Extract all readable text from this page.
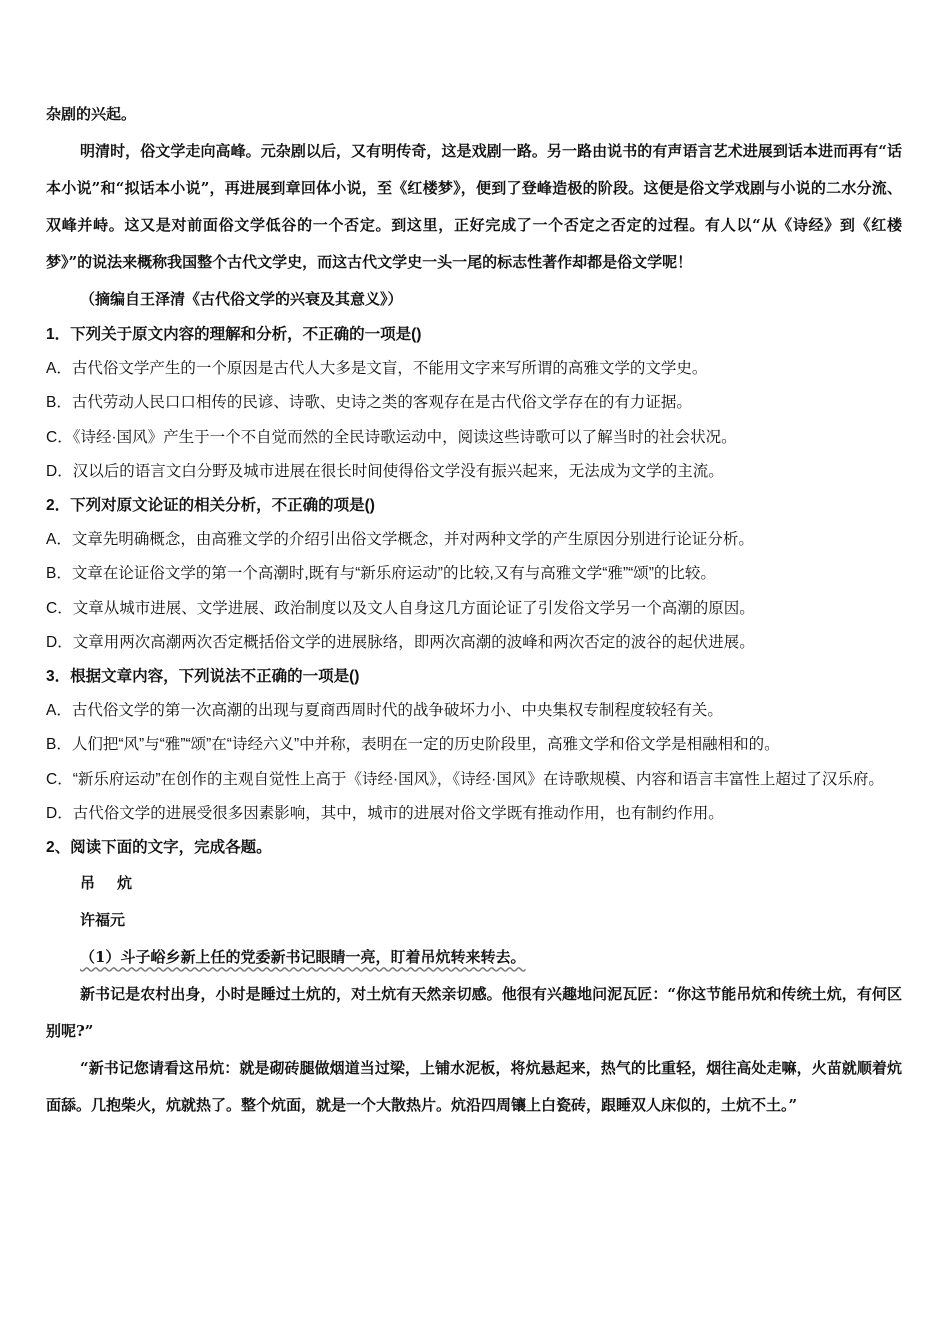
杂剧的兴起。

明清时，俗文学走向高峰。元杂剧以后，又有明传奇，这是戏剧一路。另一路由说书的有声语言艺术进展到话本进而再有“话本小说”和“拟话本小说”，再进展到章回体小说，至《红楼梦》，便到了登峰造极的阶段。这便是俗文学戏剧与小说的二水分流、双峰并峙。这又是对前面俗文学低谷的一个否定。到这里，正好完成了一个否定之否定的过程。有人以“从《诗经》到《红楼梦》”的说法来概称我国整个古代文学史，而这古代文学史一头一尾的标志性著作却都是俗文学呢！

（摘编自王泽清《古代俗文学的兴衰及其意义》）

1．下列关于原文内容的理解和分析，不正确的一项是()

A．古代俗文学产生的一个原因是古代人大多是文盲，不能用文字来写所谓的高雅文学的文学史。

B．古代劳动人民口口相传的民谚、诗歌、史诗之类的客观存在是古代俗文学存在的有力证据。

C．《诗经·国风》产生于一个不自觉而然的全民诗歌运动中，阅读这些诗歌可以了解当时的社会状况。

D．汉以后的语言文白分野及城市进展在很长时间使得俗文学没有振兴起来，无法成为文学的主流。

2．下列对原文论证的相关分析，不正确的项是()

A．文章先明确概念，由高雅文学的介绍引出俗文学概念，并对两种文学的产生原因分别进行论证分析。

B．文章在论证俗文学的第一个高潮时,既有与“新乐府运动”的比较,又有与高雅文学“雅”“颂”的比较。

C．文章从城市进展、文学进展、政治制度以及文人自身这几方面论证了引发俗文学另一个高潮的原因。

D．文章用两次高潮两次否定概括俗文学的进展脉络，即两次高潮的波峰和两次否定的波谷的起伏进展。

3．根据文章内容，下列说法不正确的一项是()

A．古代俗文学的第一次高潮的出现与夏商西周时代的战争破坏力小、中央集权专制程度较轻有关。

B．人们把“风”与“雅”“颂”在“诗经六义”中并称，表明在一定的历史阶段里，高雅文学和俗文学是相融相和的。

C．“新乐府运动”在创作的主观自觉性上高于《诗经·国风》，《诗经·国风》在诗歌规模、内容和语言丰富性上超过了汉乐府。

D．古代俗文学的进展受很多因素影响，其中，城市的进展对俗文学既有推动作用，也有制约作用。

2、阅读下面的文字，完成各题。

吊 炕

许福元

（1）斗子峪乡新上任的党委新书记眼睛一亮，盯着吊炕转来转去。

新书记是农村出身，小时是睡过土炕的，对土炕有天然亲切感。他很有兴趣地问泥瓦匠：“你这节能吊炕和传统土炕，有何区别呢?”

“新书记您请看这吊炕：就是砌砖腿做烟道当过梁，上铺水泥板，将炕悬起来，热气的比重轻，烟往高处走嘛，火苗就顺着炕面舔。几抱柴火，炕就热了。整个炕面，就是一个大散热片。炕沿四周镶上白瓷砖，跟睡双人床似的，土炕不土。”
